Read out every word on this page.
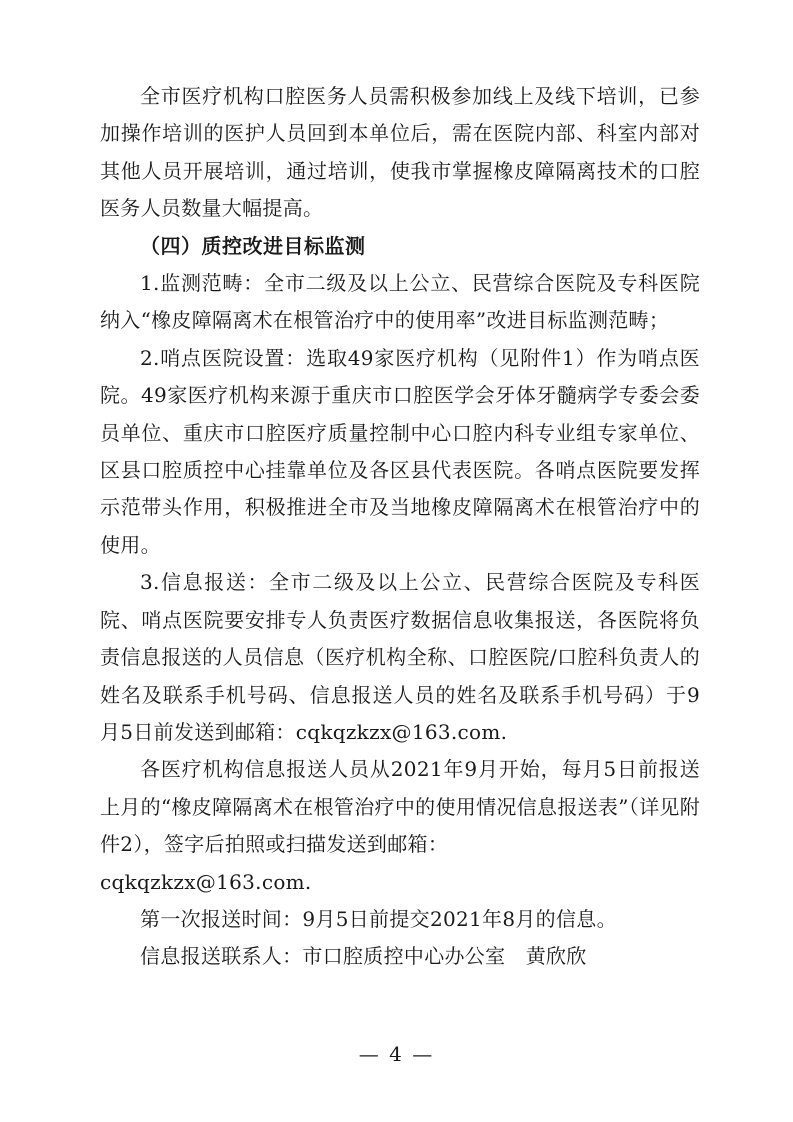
全市医疗机构口腔医务人员需积极参加线上及线下培训，已参加操作培训的医护人员回到本单位后，需在医院内部、科室内部对其他人员开展培训，通过培训，使我市掌握橡皮障隔离技术的口腔医务人员数量大幅提高。

（四）质控改进目标监测

1.监测范畴：全市二级及以上公立、民营综合医院及专科医院纳入“橡皮障隔离术在根管治疗中的使用率”改进目标监测范畴；

2.哨点医院设置：选取49家医疗机构（见附件1）作为哨点医院。49家医疗机构来源于重庆市口腔医学会牙体牙髓病学专委会委员单位、重庆市口腔医疗质量控制中心口腔内科专业组专家单位、区县口腔质控中心挂靠单位及各区县代表医院。各哨点医院要发挥示范带头作用，积极推进全市及当地橡皮障隔离术在根管治疗中的使用。

3.信息报送：全市二级及以上公立、民营综合医院及专科医院、哨点医院要安排专人负责医疗数据信息收集报送，各医院将负责信息报送的人员信息（医疗机构全称、口腔医院/口腔科负责人的姓名及联系手机号码、信息报送人员的姓名及联系手机号码）于9月5日前发送到邮箱：cqkqzkzx@163.com.

各医疗机构信息报送人员从2021年9月开始，每月5日前报送上月的“橡皮障隔离术在根管治疗中的使用情况信息报送表”（详见附件2），签字后拍照或扫描发送到邮箱：

cqkqzkzx@163.com.

第一次报送时间：9月5日前提交2021年8月的信息。

信息报送联系人：市口腔质控中心办公室　黄欣欣

— 4 —
